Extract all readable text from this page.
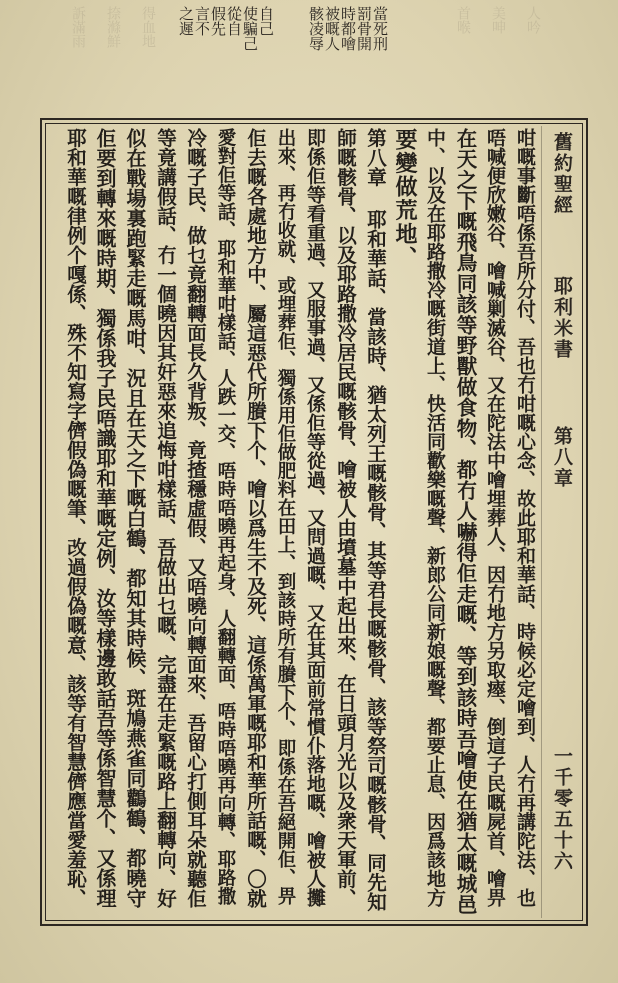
訴滿雨 捺滌鮮 得血地	自己
使騙己
從自
假先
言不
之遲	當死刑
罰骨開
時都噲
被嘅人
骸凌辱	首喉 美呻 人吟
舊約聖經
耶利米書
第八章
一千零五十六
咁嘅事斷唔係吾所分付、吾也冇咁嘅心念、故此耶和華話、時候必定噲到、人冇再講陀法、也
唔喊便欣嫩谷、噲喊剿滅谷、又在陀法中噲埋葬人、因冇地方另取瘞、倒這子民嘅屍首、噲畀
在天之下嘅飛鳥同該等野獸做食物、都冇人嚇得佢走嘅、等到該時吾噲使在猶太嘅城邑
中、以及在耶路撒冷嘅街道上、快活同歡樂嘅聲、新郎公同新娘嘅聲、都要止息、因爲該地方
要變做荒地、
第八章 耶和華話、當該時、猶太列王嘅骸骨、其等君長嘅骸骨、該等祭司嘅骸骨、同先知
師嘅骸骨、以及耶路撒冷居民嘅骸骨、噲被人由墳墓中起出來、在日頭月光以及衆天軍前、
即係佢等看重過、又服事過、又係佢等從過、又問過嘅、又在其面前常慣仆落地嘅、噲被人攤
出來、再冇收就、或埋葬佢、獨係用佢做肥料在田上、到該時所有賸下个、即係在吾絕開佢、畀
佢去嘅各處地方中、屬這惡代所賸下个、噲以爲生不及死、這係萬軍嘅耶和華所話嘅、〇就
愛對佢等話、耶和華咁樣話、人跌一交、唔時唔曉再起身、人翻轉面、唔時唔曉再向轉、耶路撒
冷嘅子民、做乜竟翻轉面長久背叛、竟揸穩虛假、又唔曉向轉面來、吾留心打側耳朵就聽佢
等竟講假話、冇一個曉因其奸惡來追悔咁樣話、吾做出乜嘅、完盡在走緊嘅路上翻轉向、好
似在戰場裏跑緊走嘅馬咁、況且在天之下嘅白鶴、都知其時候、斑鳩燕雀同鸛鶴、都曉守
佢要到轉來嘅時期、獨係我子民唔識耶和華嘅定例、汝等樣邊敢話吾等係智慧个、又係理
耶和華嘅律例个嘎係、殊不知寫字儕假偽嘅筆、改過假偽嘅意、該等有智慧儕應當愛羞恥、
